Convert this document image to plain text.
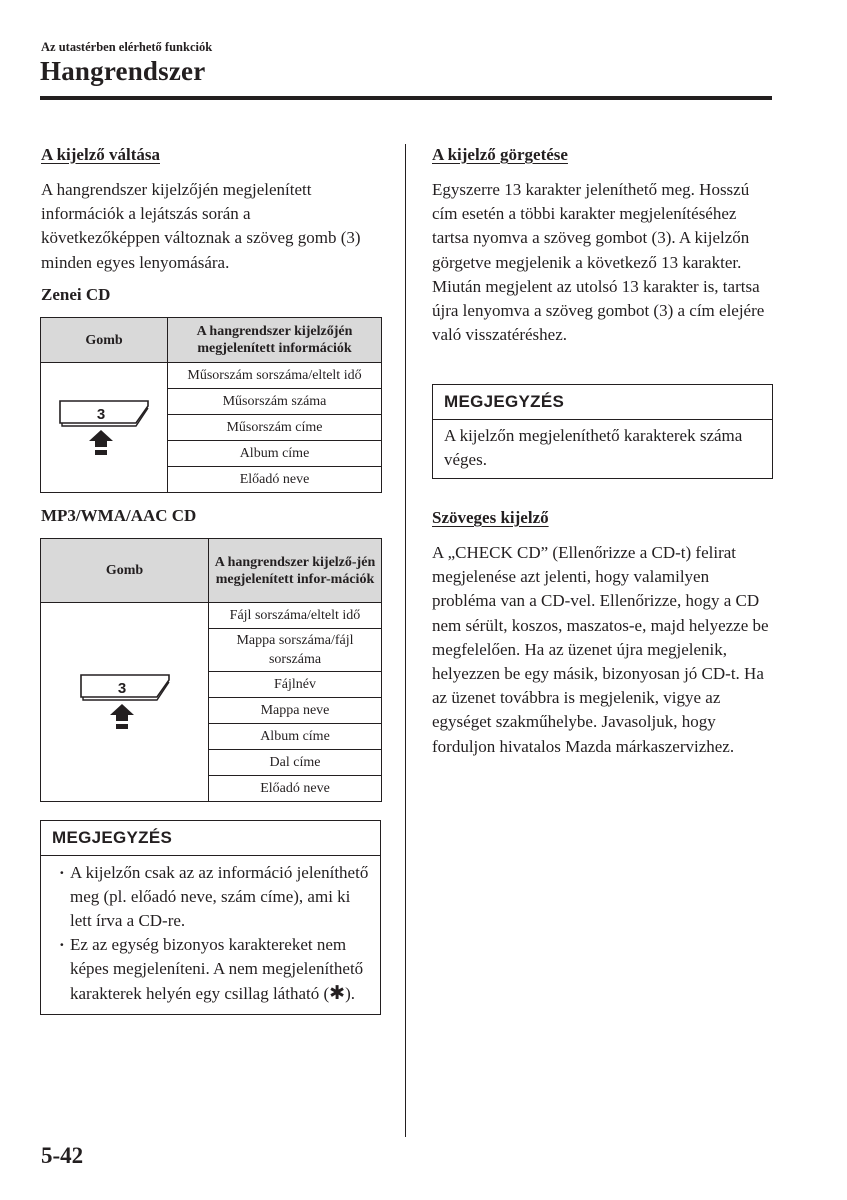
Az utastérben elérhető funkciók
Hangrendszer
A kijelző váltása

A hangrendszer kijelzőjén megjelenített információk a lejátszás során a következőképpen változnak a szöveg gomb (3) minden egyes lenyomására.

Zenei CD
Gomb	A hangrendszer kijelzőjén megjelenített információk

3	Műsorszám sorszáma/eltelt idő
	Műsorszám száma
	Műsorszám címe
	Album címe
	Előadó neve
MP3/WMA/AAC CD
Gomb	A hangrendszer kijelző-jén megjelenített infor-mációk

3	Fájl sorszáma/eltelt idő
	Mappa sorszáma/fájl sorszáma
	Fájlnév
	Mappa neve
	Album címe
	Dal címe
	Előadó neve
MEGJEGYZÉS
· A kijelzőn csak az az információ jeleníthető meg (pl. előadó neve, szám címe), ami ki lett írva a CD-re.
· Ez az egység bizonyos karaktereket nem képes megjeleníteni. A nem megjeleníthető karakterek helyén egy csillag látható (✱).
A kijelző görgetése

Egyszerre 13 karakter jeleníthető meg. Hosszú cím esetén a többi karakter megjelenítéséhez tartsa nyomva a szöveg gombot (3). A kijelzőn görgetve megjelenik a következő 13 karakter. Miután megjelent az utolsó 13 karakter is, tartsa újra lenyomva a szöveg gombot (3) a cím elejére való visszatéréshez.

MEGJEGYZÉS
A kijelzőn megjeleníthető karakterek száma véges.
Szöveges kijelző

A „CHECK CD” (Ellenőrizze a CD-t) felirat megjelenése azt jelenti, hogy valamilyen probléma van a CD-vel. Ellenőrizze, hogy a CD nem sérült, koszos, maszatos-e, majd helyezze be megfelelően. Ha az üzenet újra megjelenik, helyezzen be egy másik, bizonyosan jó CD-t. Ha az üzenet továbbra is megjelenik, vigye az egységet szakműhelybe. Javasoljuk, hogy forduljon hivatalos Mazda márkaszervizhez.

5-42
